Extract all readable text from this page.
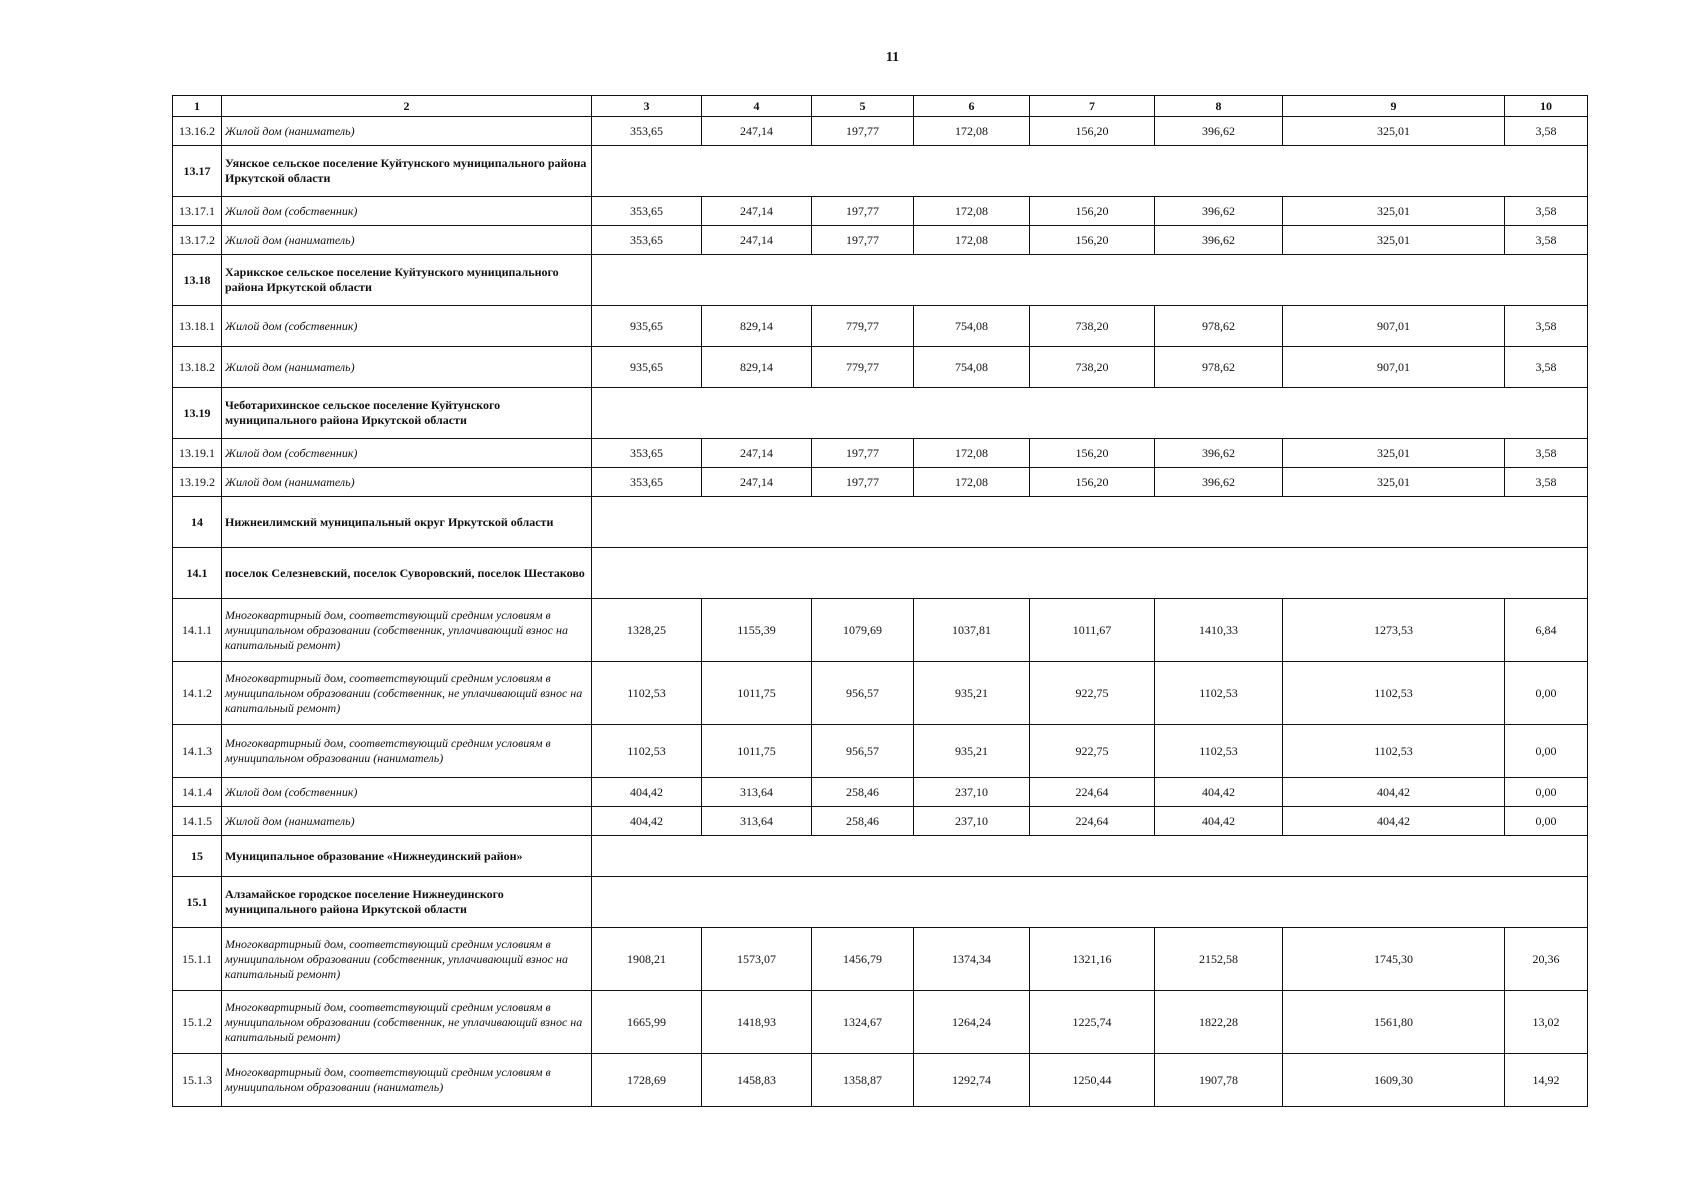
11
1	2	3	4	5	6	7	8	9	10
13.16.2	Жилой дом (наниматель)	353,65	247,14	197,77	172,08	156,20	396,62	325,01	3,58
13.17	Уянское сельское поселение Куйтунского муниципального района Иркутской области								
13.17.1	Жилой дом (собственник)	353,65	247,14	197,77	172,08	156,20	396,62	325,01	3,58
13.17.2	Жилой дом (наниматель)	353,65	247,14	197,77	172,08	156,20	396,62	325,01	3,58
13.18	Харикское сельское поселение Куйтунского муниципального района Иркутской области								
13.18.1	Жилой дом (собственник)	935,65	829,14	779,77	754,08	738,20	978,62	907,01	3,58
13.18.2	Жилой дом (наниматель)	935,65	829,14	779,77	754,08	738,20	978,62	907,01	3,58
13.19	Чеботарихинское сельское поселение Куйтунского муниципального района Иркутской области								
13.19.1	Жилой дом (собственник)	353,65	247,14	197,77	172,08	156,20	396,62	325,01	3,58
13.19.2	Жилой дом (наниматель)	353,65	247,14	197,77	172,08	156,20	396,62	325,01	3,58
14	Нижнеилимский муниципальный округ Иркутской области								
14.1	поселок Селезневский, поселок Суворовский, поселок Шестаково								
14.1.1	Многоквартирный дом, соответствующий средним условиям в муниципальном образовании (собственник, уплачивающий взнос на капитальный ремонт)	1328,25	1155,39	1079,69	1037,81	1011,67	1410,33	1273,53	6,84
14.1.2	Многоквартирный дом, соответствующий средним условиям в муниципальном образовании (собственник, не уплачивающий взнос на капитальный ремонт)	1102,53	1011,75	956,57	935,21	922,75	1102,53	1102,53	0,00
14.1.3	Многоквартирный дом, соответствующий средним условиям в муниципальном образовании (наниматель)	1102,53	1011,75	956,57	935,21	922,75	1102,53	1102,53	0,00
14.1.4	Жилой дом (собственник)	404,42	313,64	258,46	237,10	224,64	404,42	404,42	0,00
14.1.5	Жилой дом (наниматель)	404,42	313,64	258,46	237,10	224,64	404,42	404,42	0,00
15	Муниципальное образование «Нижнеудинский район»								
15.1	Алзамайское городское поселение Нижнеудинского муниципального района Иркутской области								
15.1.1	Многоквартирный дом, соответствующий средним условиям в муниципальном образовании (собственник, уплачивающий взнос на капитальный ремонт)	1908,21	1573,07	1456,79	1374,34	1321,16	2152,58	1745,30	20,36
15.1.2	Многоквартирный дом, соответствующий средним условиям в муниципальном образовании (собственник, не уплачивающий взнос на капитальный ремонт)	1665,99	1418,93	1324,67	1264,24	1225,74	1822,28	1561,80	13,02
15.1.3	Многоквартирный дом, соответствующий средним условиям в муниципальном образовании (наниматель)	1728,69	1458,83	1358,87	1292,74	1250,44	1907,78	1609,30	14,92
